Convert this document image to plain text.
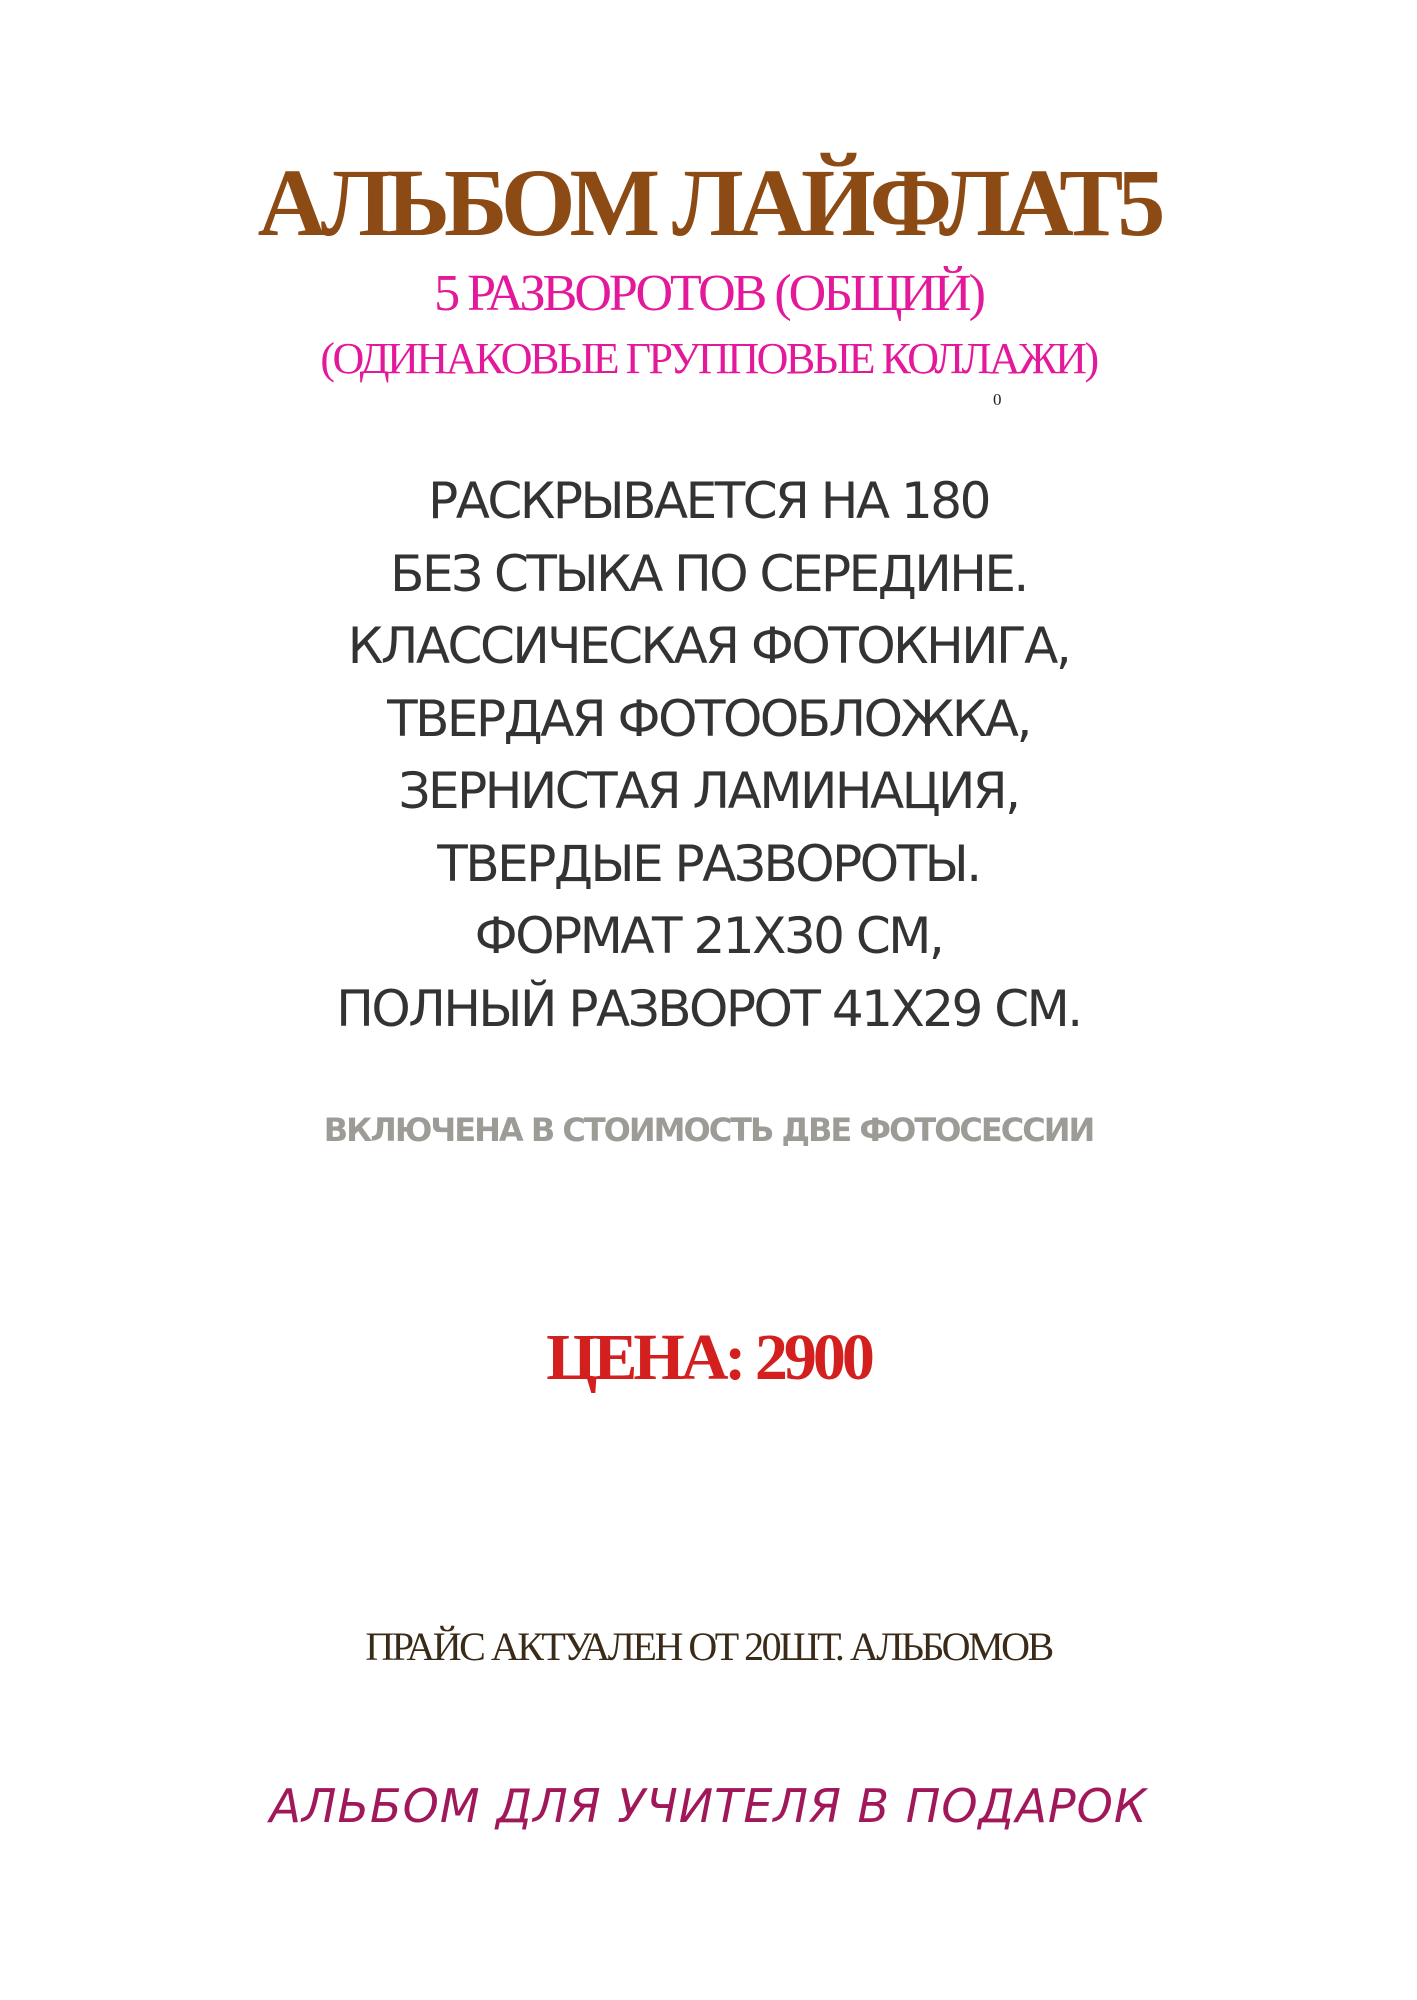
АЛЬБОМ ЛАЙФЛАТ5
5 РАЗВОРОТОВ (ОБЩИЙ)
(ОДИНАКОВЫЕ ГРУППОВЫЕ КОЛЛАЖИ)
0
РАСКРЫВАЕТСЯ НА 180
БЕЗ СТЫКА ПО СЕРЕДИНЕ.
КЛАССИЧЕСКАЯ ФОТОКНИГА,
ТВЕРДАЯ ФОТООБЛОЖКА,
ЗЕРНИСТАЯ ЛАМИНАЦИЯ,
ТВЕРДЫЕ РАЗВОРОТЫ.
ФОРМАТ 21Х30 СМ,
ПОЛНЫЙ РАЗВОРОТ 41Х29 СМ.
ВКЛЮЧЕНА В СТОИМОСТЬ ДВЕ ФОТОСЕССИИ
ЦЕНА: 2900
ПРАЙС АКТУАЛЕН ОТ 20ШТ. АЛЬБОМОВ
АЛЬБОМ ДЛЯ УЧИТЕЛЯ В ПОДАРОК
